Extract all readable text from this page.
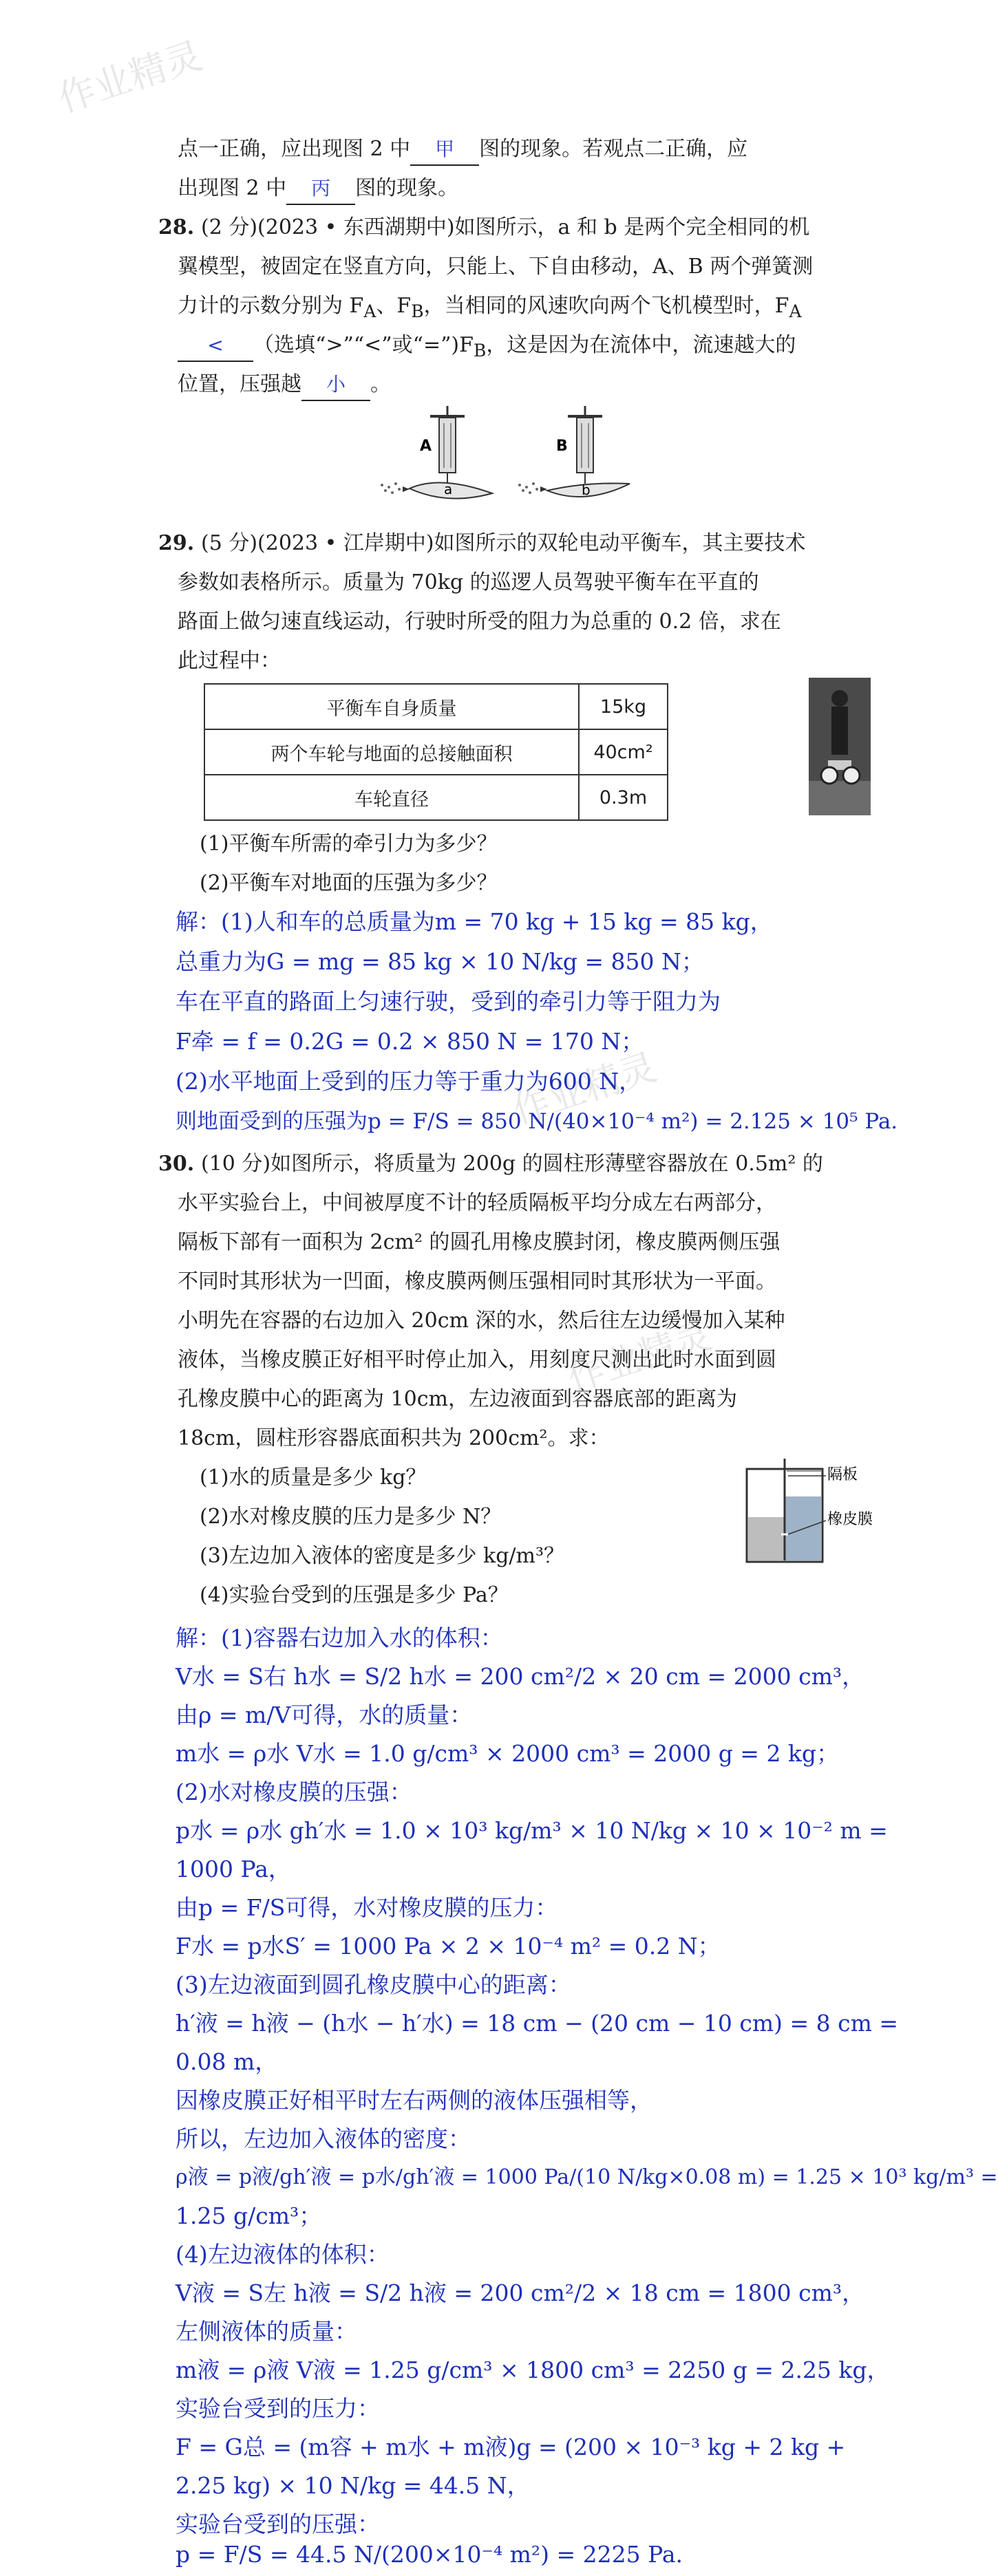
作业精灵
作业精灵
作业精灵
点一正确，应出现图 2 中 甲 图的现象。若观点二正确，应
出现图 2 中 丙 图的现象。
28. (2 分)(2023 • 东西湖期中)如图所示，a 和 b 是两个完全相同的机
翼模型，被固定在竖直方向，只能上、下自由移动，A、B 两个弹簧测
力计的示数分别为 $F_A$、$F_B$，当相同的风速吹向两个飞机模型时，$F_A$
< （选填“>”“<”或“$=”)F_B$，这是因为在流体中，流速越大的
位置，压强越 小 。
A
a
B
b
29. (5 分)(2023 • 江岸期中)如图所示的双轮电动平衡车，其主要技术
参数如表格所示。质量为 70kg 的巡逻人员驾驶平衡车在平直的
路面上做匀速直线运动，行驶时所受的阻力为总重的 0.2 倍，求在
此过程中：
平衡车自身质量	15kg
两个车轮与地面的总接触面积	40cm²
车轮直径	0.3m
(1)平衡车所需的牵引力为多少？
(2)平衡车对地面的压强为多少？
解：(1)人和车的总质量为m = 70 kg + 15 kg = 85 kg，
总重力为G = mg = 85 kg × 10 N/kg = 850 N；
车在平直的路面上匀速行驶，受到的牵引力等于阻力为
F牵 = f = 0.2G = 0.2 × 850 N = 170 N；
(2)水平地面上受到的压力等于重力为600 N，
则地面受到的压强为p = F/S = 850 N/(40×10⁻⁴ m²) = 2.125 × 10⁵ Pa.
30. (10 分)如图所示，将质量为 200g 的圆柱形薄壁容器放在 0.5m² 的
水平实验台上，中间被厚度不计的轻质隔板平均分成左右两部分，
隔板下部有一面积为 2cm² 的圆孔用橡皮膜封闭，橡皮膜两侧压强
不同时其形状为一凹面，橡皮膜两侧压强相同时其形状为一平面。
小明先在容器的右边加入 20cm 深的水，然后往左边缓慢加入某种
液体，当橡皮膜正好相平时停止加入，用刻度尺测出此时水面到圆
孔橡皮膜中心的距离为 10cm，左边液面到容器底部的距离为
18cm，圆柱形容器底面积共为 200cm²。求：
(1)水的质量是多少 kg？
(2)水对橡皮膜的压力是多少 N？
(3)左边加入液体的密度是多少 kg/m³？
(4)实验台受到的压强是多少 Pa？
隔板
橡皮膜
解：(1)容器右边加入水的体积：
V水 = S右 h水 = S/2 h水 = 200 cm²/2 × 20 cm = 2000 cm³，
由ρ = m/V可得，水的质量：
m水 = ρ水 V水 = 1.0 g/cm³ × 2000 cm³ = 2000 g = 2 kg；
(2)水对橡皮膜的压强：
p水 = ρ水 gh′水 = 1.0 × 10³ kg/m³ × 10 N/kg × 10 × 10⁻² m =
1000 Pa，
由p = F/S可得，水对橡皮膜的压力：
F水 = p水S′ = 1000 Pa × 2 × 10⁻⁴ m² = 0.2 N；
(3)左边液面到圆孔橡皮膜中心的距离：
h′液 = h液 − (h水 − h′水) = 18 cm − (20 cm − 10 cm) = 8 cm =
0.08 m，
因橡皮膜正好相平时左右两侧的液体压强相等，
所以，左边加入液体的密度：
ρ液 = p液/gh′液 = p水/gh′液 = 1000 Pa/(10 N/kg×0.08 m) = 1.25 × 10³ kg/m³ =
1.25 g/cm³；
(4)左边液体的体积：
V液 = S左 h液 = S/2 h液 = 200 cm²/2 × 18 cm = 1800 cm³，
左侧液体的质量：
m液 = ρ液 V液 = 1.25 g/cm³ × 1800 cm³ = 2250 g = 2.25 kg，
实验台受到的压力：
F = G总 = (m容 + m水 + m液)g = (200 × 10⁻³ kg + 2 kg +
2.25 kg) × 10 N/kg = 44.5 N，
实验台受到的压强：
p = F/S = 44.5 N/(200×10⁻⁴ m²) = 2225 Pa.
